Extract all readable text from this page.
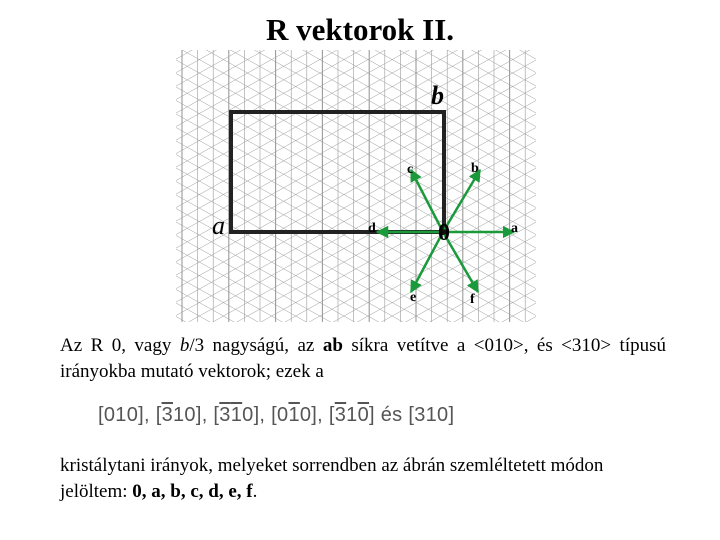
R vektorok II.
b
a
c	b
d	a
e	f
0
Az R 0, vagy b/3 nagyságú, az ab síkra vetítve a <010>, és <310> típusú irányokba mutató vektorok; ezek a
[010], [310], [310], [010], [310] és [310]
kristálytani irányok, melyeket sorrendben az ábrán szemléltetett módon jelöltem: 0, a, b, c, d, e, f.
